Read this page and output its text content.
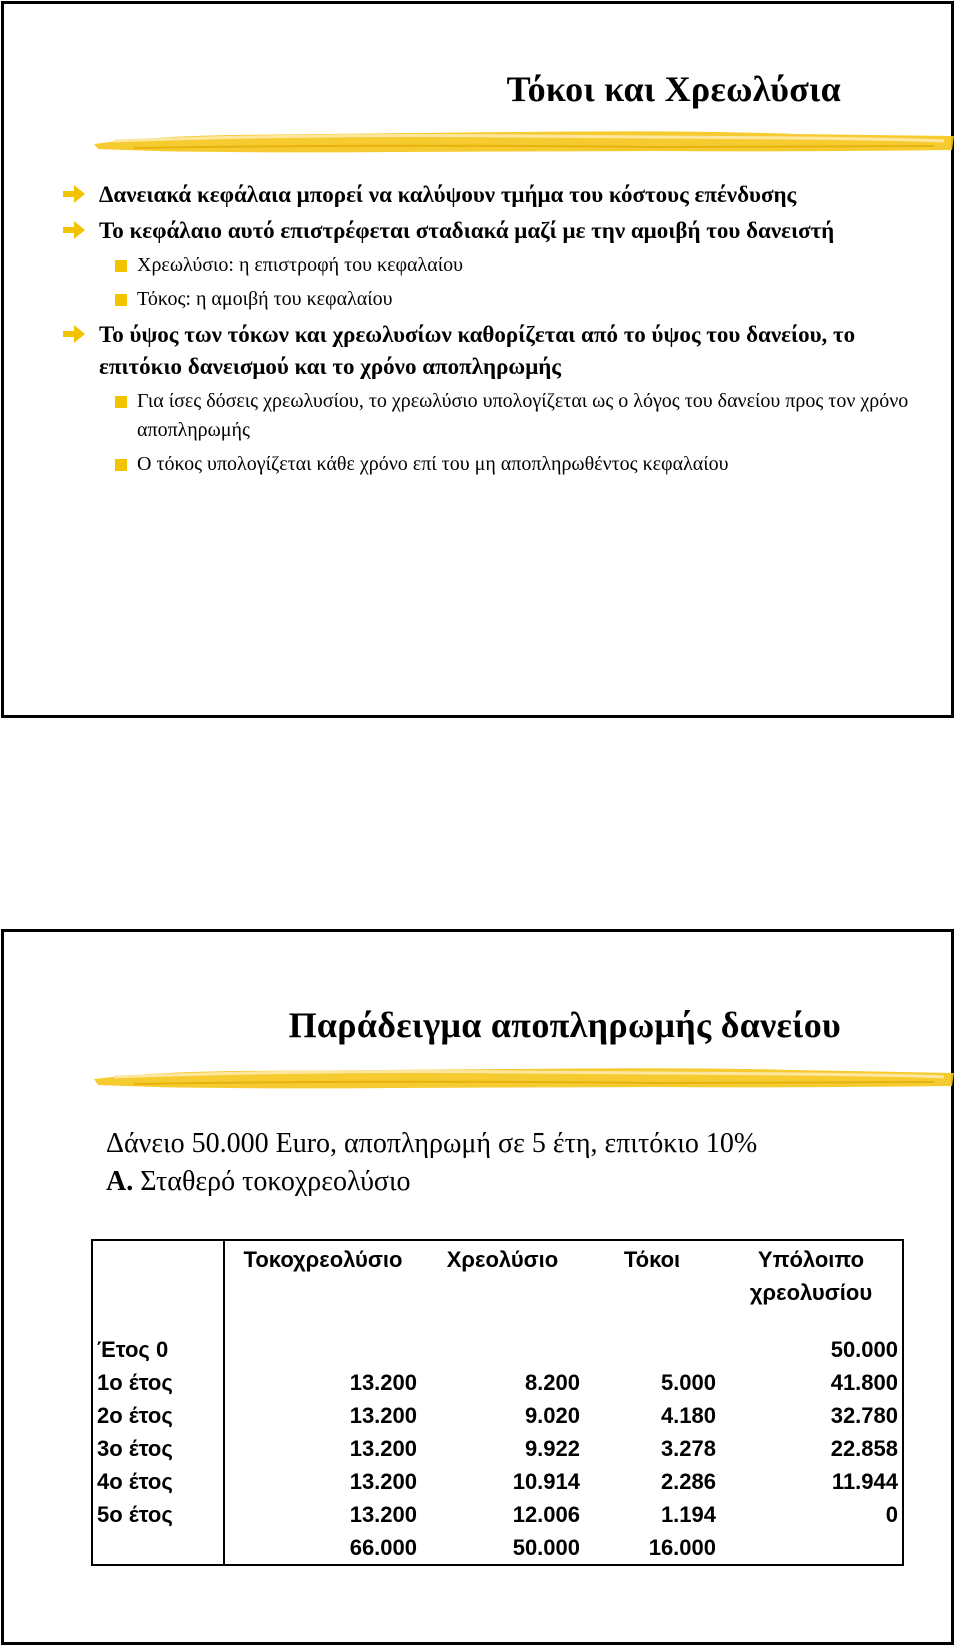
Τόκοι και Χρεωλύσια
Δανειακά κεφάλαια μπορεί να καλύψουν τμήμα του κόστους επένδυσης
Το κεφάλαιο αυτό επιστρέφεται σταδιακά μαζί με την αμοιβή του δανειστή
Χρεωλύσιο: η επιστροφή του κεφαλαίου
Τόκος: η αμοιβή του κεφαλαίου
Το ύψος των τόκων και χρεωλυσίων καθορίζεται από το ύψος του δανείου, το επιτόκιο δανεισμού και το χρόνο αποπληρωμής
Για ίσες δόσεις χρεωλυσίου, το χρεωλύσιο υπολογίζεται ως ο λόγος του δανείου προς τον χρόνο αποπληρωμής
Ο τόκος υπολογίζεται κάθε χρόνο επί του μη αποπληρωθέντος κεφαλαίου
Παράδειγμα αποπληρωμής δανείου
Δάνειο 50.000 Euro, αποπληρωμή σε 5 έτη, επιτόκιο 10%
Α. Σταθερό τοκοχρεολύσιο
	Τοκοχρεολύσιο	Χρεολύσιο	Τόκοι	Υπόλοιπο χρεολυσίου
Έτος 0				50.000
1ο έτος	13.200	8.200	5.000	41.800
2ο έτος	13.200	9.020	4.180	32.780
3ο έτος	13.200	9.922	3.278	22.858
4ο έτος	13.200	10.914	2.286	11.944
5ο έτος	13.200	12.006	1.194	0
	66.000	50.000	16.000	
